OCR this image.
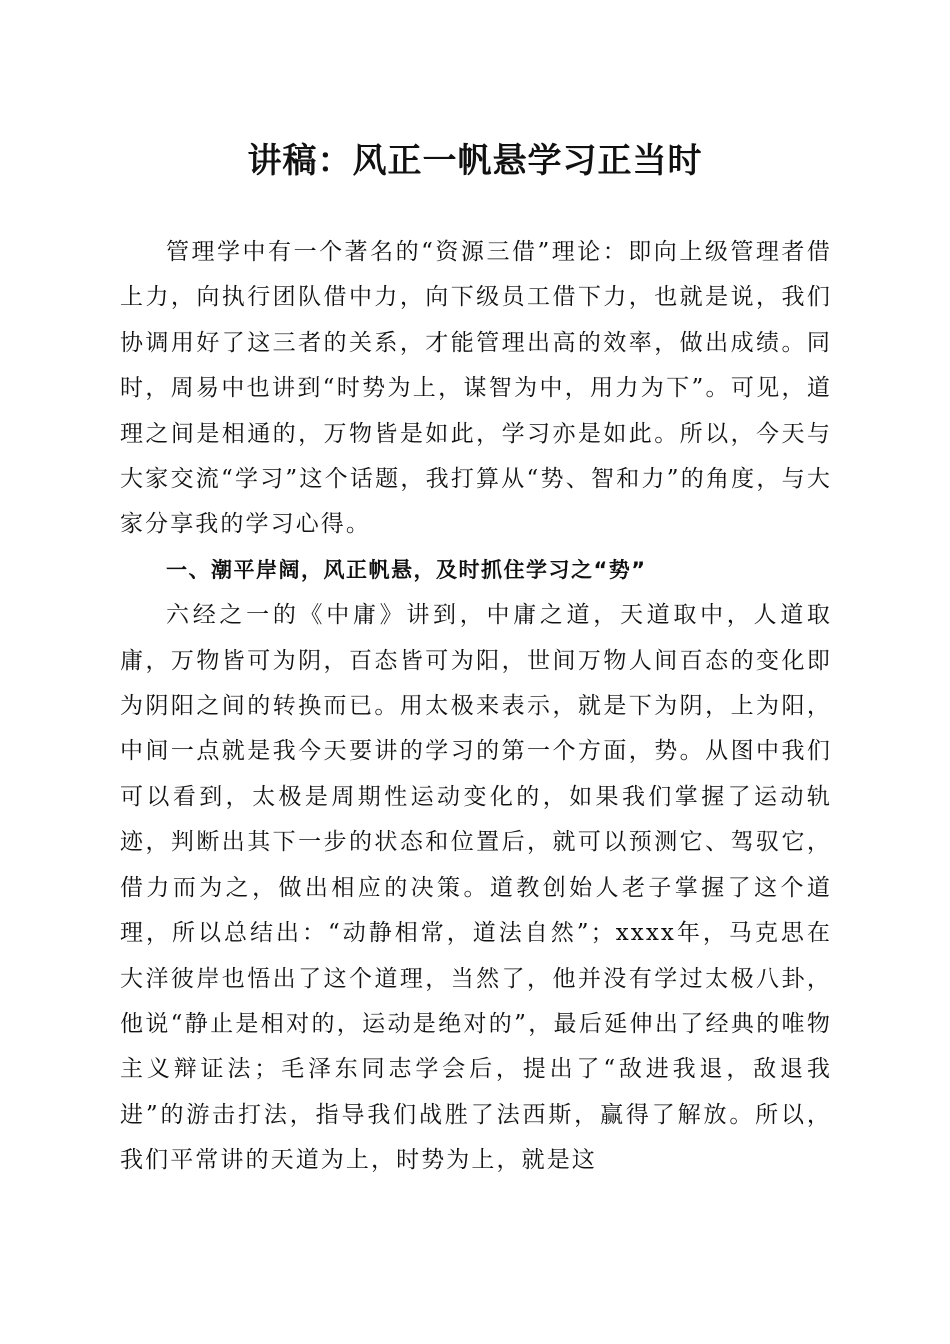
讲稿：风正一帆悬学习正当时

管理学中有一个著名的“资源三借”理论：即向上级管理者借上力，向执行团队借中力，向下级员工借下力，也就是说，我们协调用好了这三者的关系，才能管理出高的效率，做出成绩。同时，周易中也讲到“时势为上，谋智为中，用力为下”。可见，道理之间是相通的，万物皆是如此，学习亦是如此。所以，今天与大家交流“学习”这个话题，我打算从“势、智和力”的角度，与大家分享我的学习心得。

一、潮平岸阔，风正帆悬，及时抓住学习之“势”

六经之一的《中庸》讲到，中庸之道，天道取中，人道取庸，万物皆可为阴，百态皆可为阳，世间万物人间百态的变化即为阴阳之间的转换而已。用太极来表示，就是下为阴，上为阳，中间一点就是我今天要讲的学习的第一个方面，势。从图中我们可以看到，太极是周期性运动变化的，如果我们掌握了运动轨迹，判断出其下一步的状态和位置后，就可以预测它、驾驭它，借力而为之，做出相应的决策。道教创始人老子掌握了这个道理，所以总结出：“动静相常，道法自然”；xxxx年，马克思在大洋彼岸也悟出了这个道理，当然了，他并没有学过太极八卦，他说“静止是相对的，运动是绝对的”，最后延伸出了经典的唯物主义辩证法；毛泽东同志学会后，提出了“敌进我退，敌退我进”的游击打法，指导我们战胜了法西斯，赢得了解放。所以，我们平常讲的天道为上，时势为上，就是这
